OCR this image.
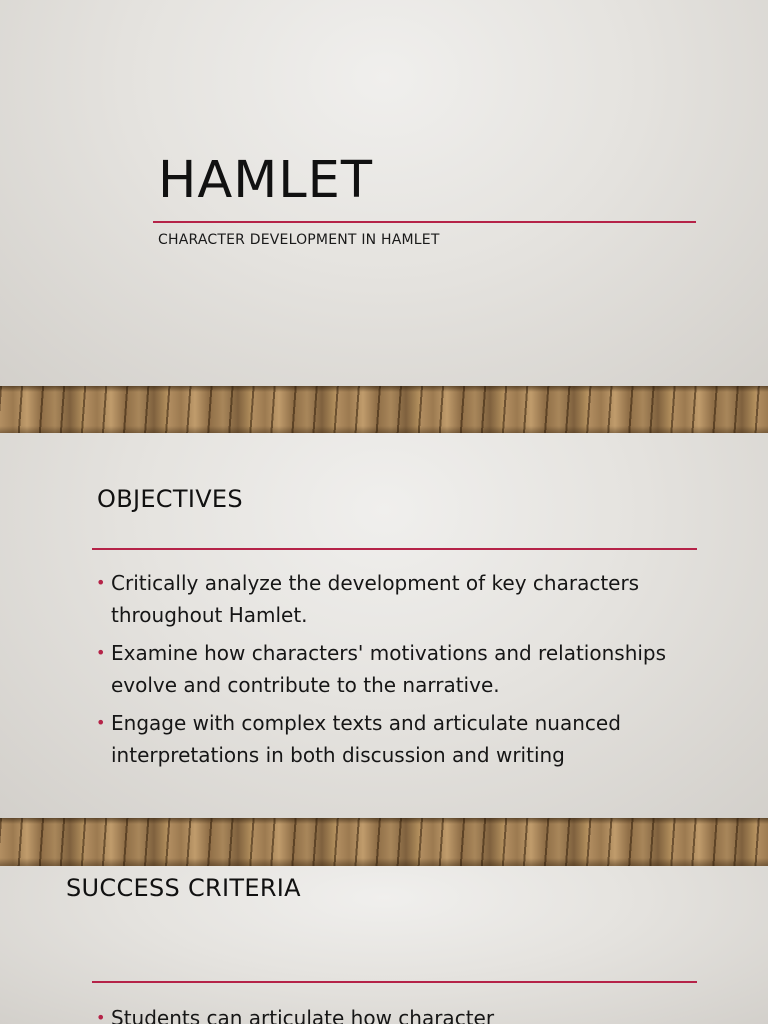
HAMLET
CHARACTER DEVELOPMENT IN HAMLET
OBJECTIVES
• Critically analyze the development of key characters throughout Hamlet.
• Examine how characters' motivations and relationships evolve and contribute to the narrative.
• Engage with complex texts and articulate nuanced interpretations in both discussion and writing
SUCCESS CRITERIA
• Students can articulate how character
